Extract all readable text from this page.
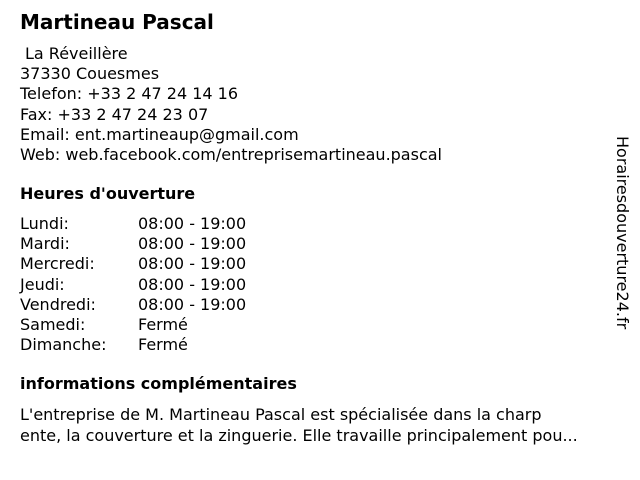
Martineau Pascal
La Réveillère
37330 Couesmes
Telefon: +33 2 47 24 14 16
Fax: +33 2 47 24 23 07
Email: ent.martineaup@gmail.com
Web: web.facebook.com/entreprisemartineau.pascal
Heures d'ouverture
Lundi:	08:00 - 19:00
Mardi:	08:00 - 19:00
Mercredi:	08:00 - 19:00
Jeudi:	08:00 - 19:00
Vendredi:	08:00 - 19:00
Samedi:	Fermé
Dimanche: Fermé
informations complémentaires
L'entreprise de M. Martineau Pascal est spécialisée dans la charp
ente, la couverture et la zinguerie. Elle travaille principalement pou...
Horairesdouverture24.fr
